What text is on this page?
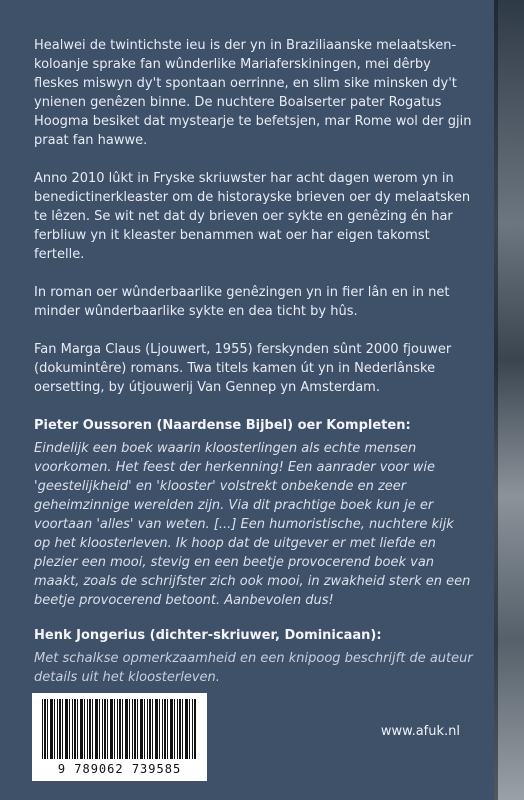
Healwei de twintichste ieu is der yn in Braziliaanske melaatsken-koloanje sprake fan wûnderlike Mariaferskiningen, mei dêrby fleskes miswyn dy't spontaan oerrinne, en slim sike minsken dy't ynienen genêzen binne. De nuchtere Boalserter pater Rogatus Hoogma besiket dat mystearje te befetsjen, mar Rome wol der gjin praat fan hawwe.

Anno 2010 lûkt in Fryske skriuwster har acht dagen werom yn in benedictinerkleaster om de historayske brieven oer dy melaatsken te lêzen. Se wit net dat dy brieven oer sykte en genêzing én har ferbliuw yn it kleaster benammen wat oer har eigen takomst fertelle.

In roman oer wûnderbaarlike genêzingen yn in fier lân en in net minder wûnderbaarlike sykte en dea ticht by hûs.

Fan Marga Claus (Ljouwert, 1955) ferskynden sûnt 2000 fjouwer (dokumintêre) romans. Twa titels kamen út yn in Nederlânske oersetting, by útjouwerij Van Gennep yn Amsterdam.

Pieter Oussoren (Naardense Bijbel) oer Kompleten:
Eindelijk een boek waarin kloosterlingen als echte mensen voorkomen. Het feest der herkenning! Een aanrader voor wie 'geestelijkheid' en 'klooster' volstrekt onbekende en zeer geheimzinnige werelden zijn. Via dit prachtige boek kun je er voortaan 'alles' van weten. [...] Een humoristische, nuchtere kijk op het kloosterleven. Ik hoop dat de uitgever er met liefde en plezier een mooi, stevig en een beetje provocerend boek van maakt, zoals de schrijfster zich ook mooi, in zwakheid sterk en een beetje provocerend betoont. Aanbevolen dus!
Henk Jongerius (dichter-skriuwer, Dominicaan):
Met schalkse opmerkzaamheid en een knipoog beschrijft de auteur details uit het kloosterleven.
9 789062 739585
www.afuk.nl
